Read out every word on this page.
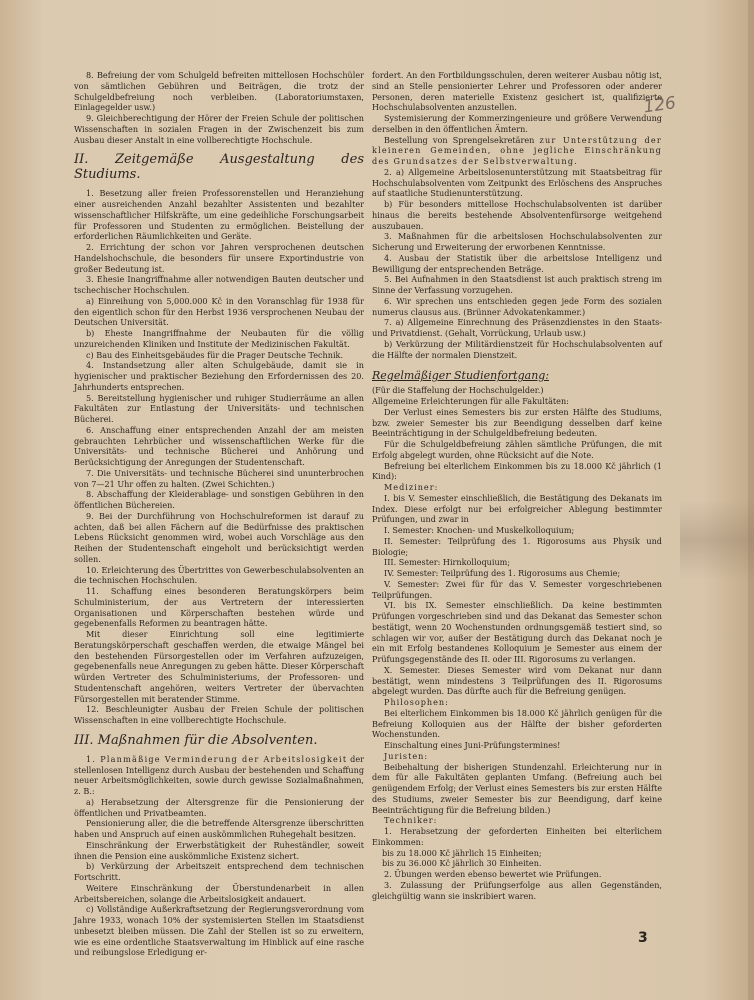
126

8. Befreiung der vom Schulgeld befreiten mittellosen Hochschüler von sämtlichen Gebühren und Beiträgen, die trotz der Schulgeldbefreiung noch verbleiben. (Laboratoriumstaxen, Einlagegelder usw.)

9. Gleichberechtigung der Hörer der Freien Schule der politischen Wissenschaften in sozialen Fragen in der Zwischenzeit bis zum Ausbau dieser Anstalt in eine vollberechtigte Hochschule.

II. Zeitgemäße Ausgestaltung des Studiums.

1. Besetzung aller freien Professorenstellen und Heranziehung einer ausreichenden Anzahl bezahlter Assistenten und bezahlter wissenschaftlicher Hilfskräfte, um eine gedeihliche Forschungsarbeit für Professoren und Studenten zu ermöglichen. Beistellung der erforderlichen Räumlichkeiten und Geräte.

2. Errichtung der schon vor Jahren versprochenen deutschen Handelshochschule, die besonders für unsere Exportindustrie von großer Bedeutung ist.

3. Ehesie Inangriffnahme aller notwendigen Bauten deutscher und tschechischer Hochschulen.

a) Einreihung von 5,000.000 Kč in den Voranschlag für 1938 für den eigentlich schon für den Herbst 1936 versprochenen Neubau der Deutschen Universität.

b) Eheste Inangriffnahme der Neubauten für die völlig unzureichenden Kliniken und Institute der Medizinischen Fakultät.

c) Bau des Einheitsgebäudes für die Prager Deutsche Technik.

4. Instandsetzung aller alten Schulgebäude, damit sie in hygienischer und praktischer Beziehung den Erfordernissen des 20. Jahrhunderts entsprechen.

5. Bereitstellung hygienischer und ruhiger Studierräume an allen Fakultäten zur Entlastung der Universitäts- und technischen Bücherei.

6. Anschaffung einer entsprechenden Anzahl der am meisten gebrauchten Lehrbücher und wissenschaftlichen Werke für die Universitäts- und technische Bücherei und Anhörung und Berücksichtigung der Anregungen der Studentenschaft.

7. Die Universitäts- und technische Bücherei sind ununterbrochen von 7—21 Uhr offen zu halten. (Zwei Schichten.)

8. Abschaffung der Kleiderablage- und sonstigen Gebühren in den öffentlichen Büchereien.

9. Bei der Durchführung von Hochschulreformen ist darauf zu achten, daß bei allen Fächern auf die Bedürfnisse des praktischen Lebens Rücksicht genommen wird, wobei auch Vorschläge aus den Reihen der Studentenschaft eingeholt und berücksichtigt werden sollen.

10. Erleichterung des Übertrittes von Gewerbeschulabsolventen an die technischen Hochschulen.

11. Schaffung eines besonderen Beratungskörpers beim Schulministerium, der aus Vertretern der interessierten Organisationen und Körperschaften bestehen würde und gegebenenfalls Reformen zu beantragen hätte.

Mit dieser Einrichtung soll eine legitimierte Beratungskörperschaft geschaffen werden, die etwaige Mängel bei den bestehenden Fürsorgestellen oder im Verfahren aufzuzeigen, gegebenenfalls neue Anregungen zu geben hätte. Dieser Körperschaft würden Vertreter des Schulministeriums, der Professoren- und Studentenschaft angehören, weiters Vertreter der übervachten Fürsorgestellen mit beratender Stimme.

12. Beschleunigter Ausbau der Freien Schule der politischen Wissenschaften in eine vollberechtigte Hochschule.

III. Maßnahmen für die Absolventen.

1. Planmäßige Verminderung der Arbeitslosigkeit der stellenlosen Intelligenz durch Ausbau der bestehenden und Schaffung neuer Arbeitsmöglichkeiten, sowie durch gewisse Sozialmaßnahmen, z. B.:

a) Herabsetzung der Altersgrenze für die Pensionierung der öffentlichen und Privatbeamten.

Pensionierung aller, die die betreffende Altersgrenze überschritten haben und Anspruch auf einen auskömmlichen Ruhegehalt besitzen.

Einschränkung der Erwerbstätigkeit der Ruheständler, soweit ihnen die Pension eine auskömmliche Existenz sichert.

b) Verkürzung der Arbeitszeit entsprechend dem technischen Fortschritt.

Weitere Einschränkung der Überstundenarbeit in allen Arbeitsbereichen, solange die Arbeitslosigkeit andauert.

c) Vollständige Außerkraftsetzung der Regierungsverordnung vom Jahre 1933, wonach 10% der systemisierten Stellen im Staatsdienst unbesetzt bleiben müssen. Die Zahl der Stellen ist so zu erweitern, wie es eine ordentliche Staatsverwaltung im Hinblick auf eine rasche und reibungslose Erledigung er-

fordert. An den Fortbildungsschulen, deren weiterer Ausbau nötig ist, sind an Stelle pensionierter Lehrer und Professoren oder anderer Personen, deren materielle Existenz gesichert ist, qualifizierte Hochschulabsolventen anzustellen.

Systemisierung der Kommerzingenieure und größere Verwendung derselben in den öffentlichen Ämtern.

Bestellung von Sprengelsekretären zur Unterstützung der kleineren Gemeinden, ohne jegliche Einschränkung des Grundsatzes der Selbstverwaltung.

2. a) Allgemeine Arbeitslosenunterstützung mit Staatsbeitrag für Hochschulabsolventen vom Zeitpunkt des Erlöschens des Anspruches auf staatliche Studienunterstützung.

b) Für besonders mittellose Hochschulabsolventen ist darüber hinaus die bereits bestehende Absolventenfürsorge weitgehend auszubauen.

3. Maßnahmen für die arbeitslosen Hochschulabsolventen zur Sicherung und Erweiterung der erworbenen Kenntnisse.

4. Ausbau der Statistik über die arbeitslose Intelligenz und Bewilligung der entsprechenden Beträge.

5. Bei Aufnahmen in den Staatsdienst ist auch praktisch streng im Sinne der Verfassung vorzugehen.

6. Wir sprechen uns entschieden gegen jede Form des sozialen numerus clausus aus. (Brünner Advokatenkammer.)

7. a) Allgemeine Einrechnung des Präsenzdienstes in den Staats- und Privatdienst. (Gehalt, Vorrückung, Urlaub usw.)

b) Verkürzung der Militärdienstzeit für Hochschulabsolventen auf die Hälfte der normalen Dienstzeit.

Regelmäßiger Studienfortgang:

(Für die Staffelung der Hochschulgelder.)

Allgemeine Erleichterungen für alle Fakultäten:

Der Verlust eines Semesters bis zur ersten Hälfte des Studiums, bzw. zweier Semester bis zur Beendigung desselben darf keine Beeinträchtigung in der Schulgeldbefreiung bedeuten.

Für die Schulgeldbefreiung zählen sämtliche Prüfungen, die mit Erfolg abgelegt wurden, ohne Rücksicht auf die Note.

Befreiung bei elterlichem Einkommen bis zu 18.000 Kč jährlich (1 Kind):

Mediziner:

I. bis V. Semester einschließlich, die Bestätigung des Dekanats im Index. Diese erfolgt nur bei erfolgreicher Ablegung bestimmter Prüfungen, und zwar in

I. Semester: Knochen- und Muskelkolloquium;

II. Semester: Teilprüfung des 1. Rigorosums aus Physik und Biologie;

III. Semester: Hirnkolloquium;

IV. Semester: Teilprüfung des 1. Rigorosums aus Chemie;

V. Semester: Zwei für für das V. Semester vorgeschriebenen Teilprüfungen.

VI. bis IX. Semester einschließlich. Da keine bestimmten Prüfungen vorgeschrieben sind und das Dekanat das Semester schon bestätigt, wenn 20 Wochenstunden ordnungsgemäß testiert sind, so schlagen wir vor, außer der Bestätigung durch das Dekanat noch je ein mit Erfolg bestandenes Kolloquium je Semester aus einem der Prüfungsgegenstände des II. oder III. Rigorosums zu verlangen.

X. Semester. Dieses Semester wird vom Dekanat nur dann bestätigt, wenn mindestens 3 Teilprüfungen des II. Rigorosums abgelegt wurden. Das dürfte auch für die Befreiung genügen.

Philosophen:

Bei elterlichem Einkommen bis 18.000 Kč jährlich genügen für die Befreiung Kolloquien aus der Hälfte der bisher geforderten Wochenstunden.

Einschaltung eines Juni-Prüfungstermines!

Juristen:

Beibehaltung der bisherigen Stundenzahl. Erleichterung nur in dem für alle Fakultäten geplanten Umfang. (Befreiung auch bei genügendem Erfolg; der Verlust eines Semesters bis zur ersten Hälfte des Studiums, zweier Semester bis zur Beendigung, darf keine Beeinträchtigung für die Befreiung bilden.)

Techniker:

1. Herabsetzung der geforderten Einheiten bei elterlichem Einkommen:

bis zu 18.000 Kč jährlich 15 Einheiten;

bis zu 36.000 Kč jährlich 30 Einheiten.

2. Übungen werden ebenso bewertet wie Prüfungen.

3. Zulassung der Prüfungserfolge aus allen Gegenständen, gleichgültig wann sie inskribiert waren.

3
